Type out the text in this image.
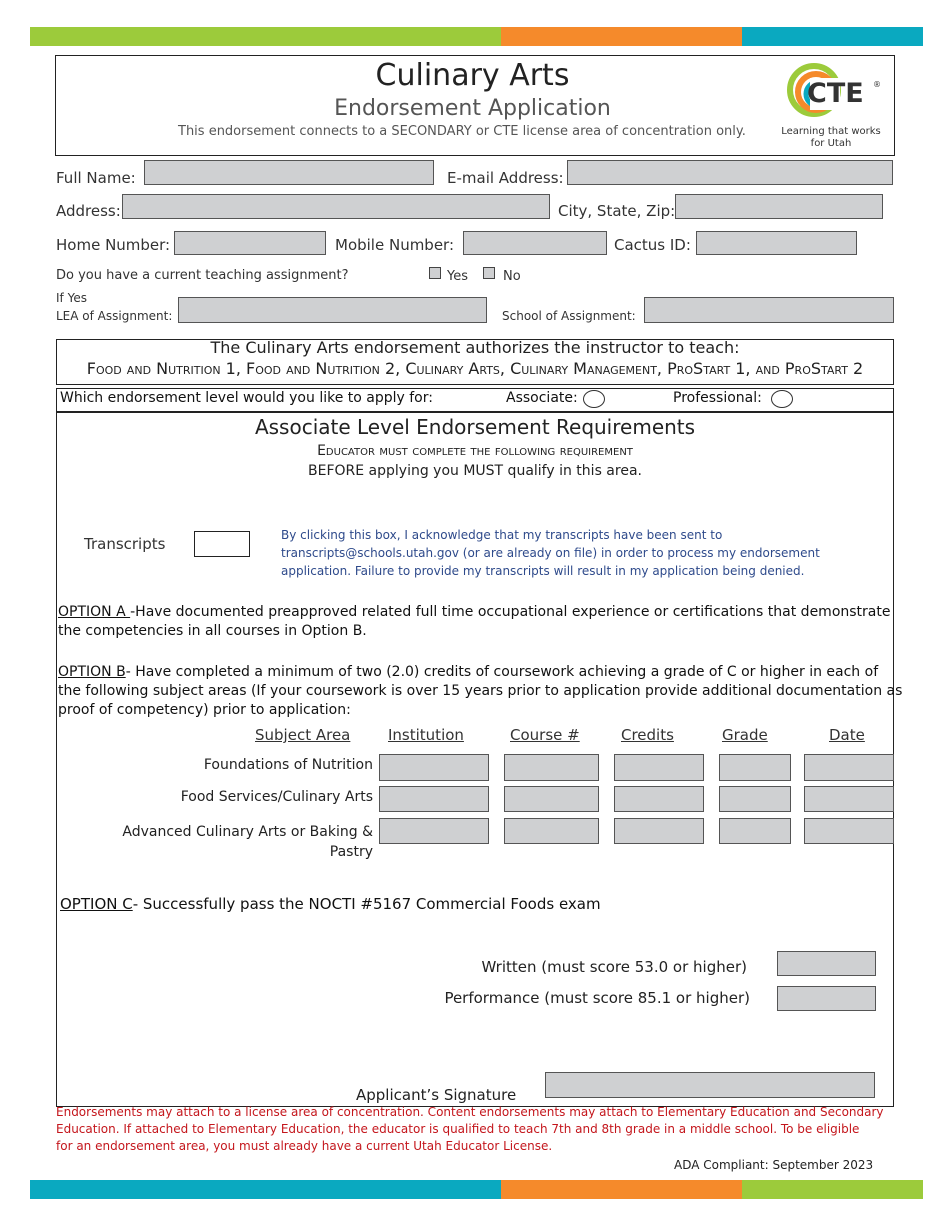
Culinary Arts
Endorsement Application
This endorsement connects to a SECONDARY or CTE license area of concentration only.
CTE ®
Learning that works
for Utah
Full Name:	E-mail Address:
Address:	City, State, Zip:
Home Number:	Mobile Number:	Cactus ID:
Do you have a current teaching assignment?	Yes	No
If Yes
LEA of Assignment:	School of Assignment:
The Culinary Arts endorsement authorizes the instructor to teach:
Food and Nutrition 1, Food and Nutrition 2, Culinary Arts, Culinary Management, ProStart 1, and ProStart 2
Which endorsement level would you like to apply for:	Associate:	Professional:
Associate Level Endorsement Requirements
Educator must complete the following requirement
BEFORE applying you MUST qualify in this area.
Transcripts	By clicking this box, I acknowledge that my transcripts have been sent to
transcripts@schools.utah.gov (or are already on file) in order to process my endorsement
application. Failure to provide my transcripts will result in my application being denied.
OPTION A -Have documented preapproved related full time occupational experience or certifications that demonstrate
the competencies in all courses in Option B.
OPTION B- Have completed a minimum of two (2.0) credits of coursework achieving a grade of C or higher in each of
the following subject areas (If your coursework is over 15 years prior to application provide additional documentation as
proof of competency) prior to application:
Subject Area	Institution	Course #	Credits	Grade	Date
Foundations of Nutrition
Food Services/Culinary Arts
Advanced Culinary Arts or Baking &
Pastry
OPTION C- Successfully pass the NOCTI #5167 Commercial Foods exam
Written (must score 53.0 or higher)
Performance (must score 85.1 or higher)
Applicant’s Signature
Endorsements may attach to a license area of concentration. Content endorsements may attach to Elementary Education and Secondary
Education. If attached to Elementary Education, the educator is qualified to teach 7th and 8th grade in a middle school. To be eligible
for an endorsement area, you must already have a current Utah Educator License.
ADA Compliant: September 2023
